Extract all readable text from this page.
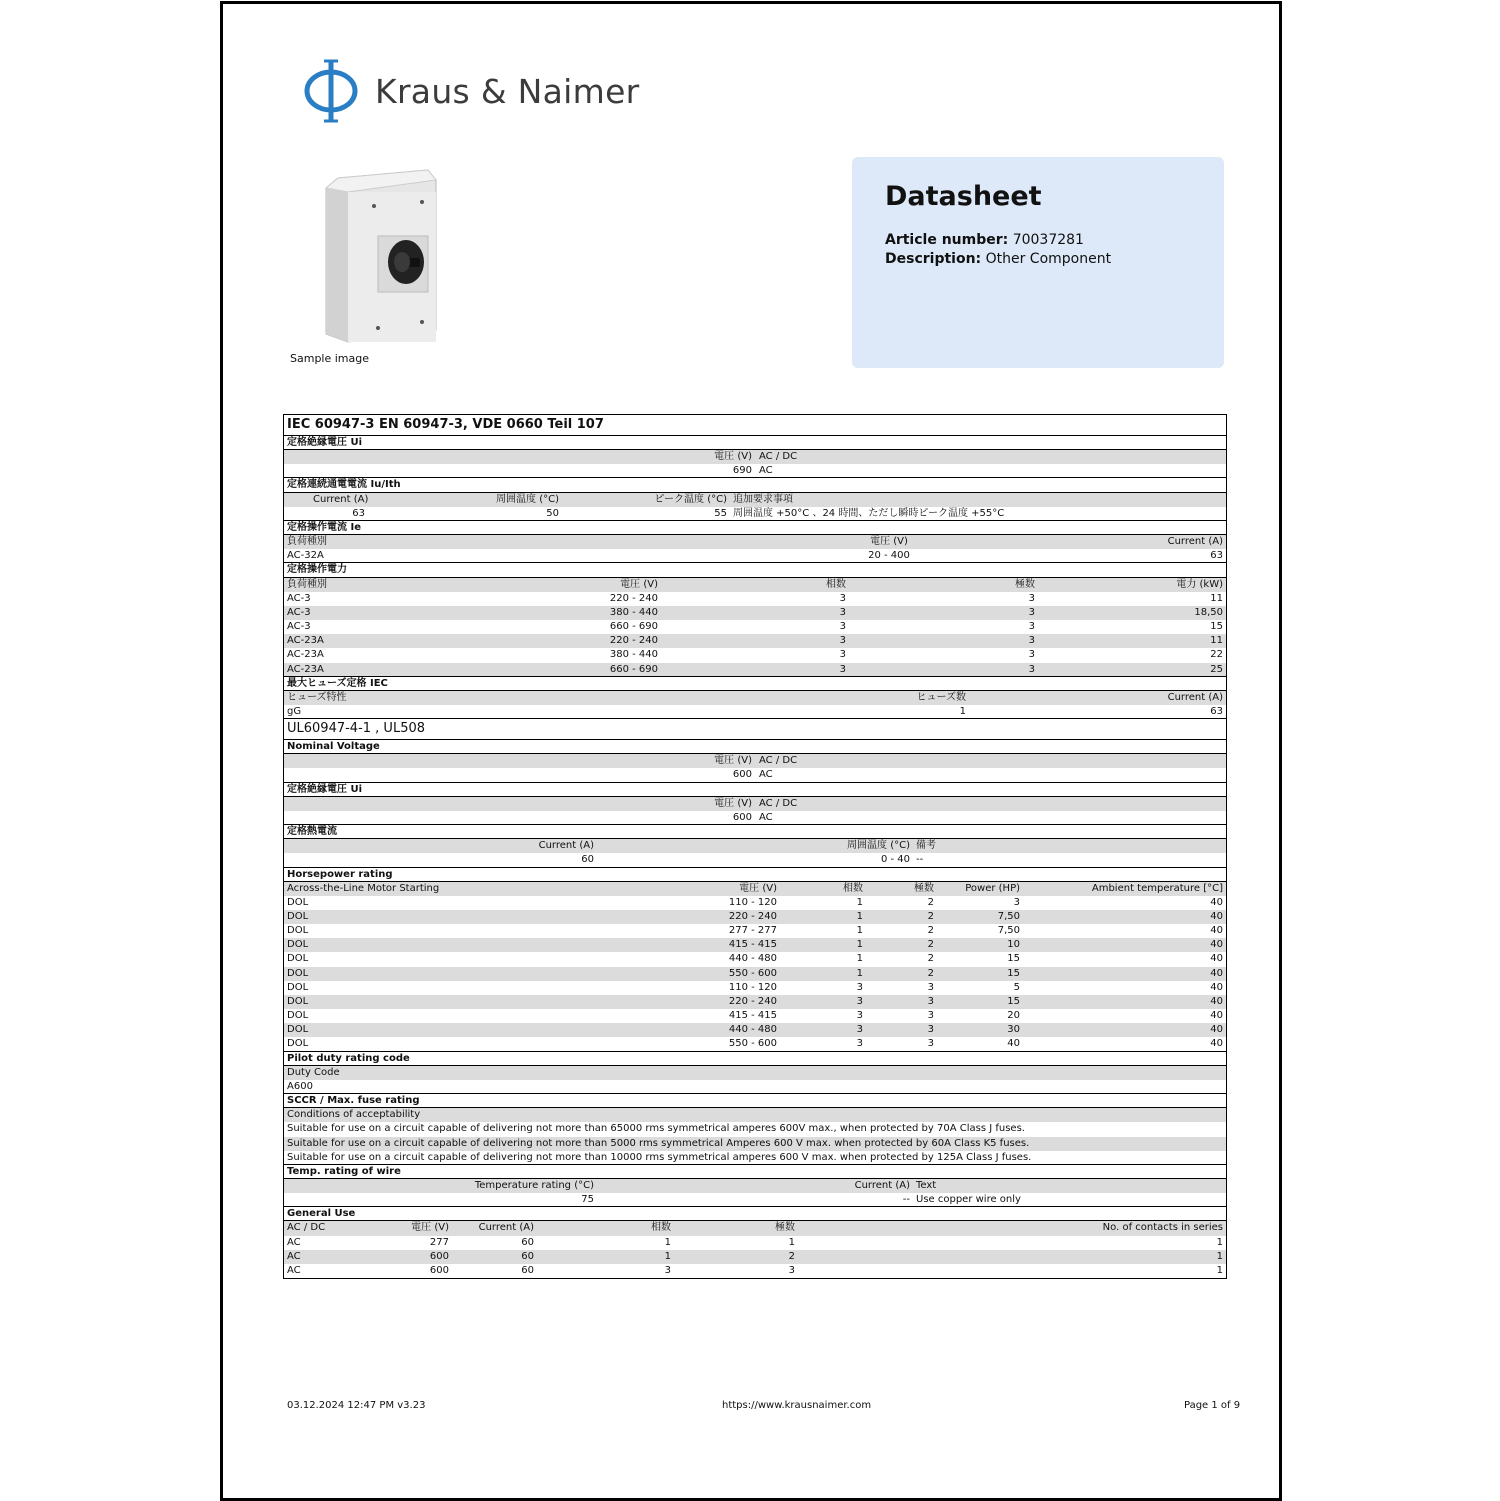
Kraus & Naimer
Sample image
Datasheet
Article number: 70037281
Description: Other Component
IEC 60947-3 EN 60947-3, VDE 0660 Teil 107
定格絶縁電圧 Ui
電圧 (V) AC / DC
690 AC
定格連続通電電流 Iu/Ith
Current (A)	周囲温度 (°C)	ピーク温度 (°C) 追加要求事項
63	50	55 周囲温度 +50°C 、24 時間、ただし瞬時ピーク温度 +55°C
定格操作電流 Ie
負荷種別	電圧 (V)	Current (A)
AC-32A	20 - 400	63
定格操作電力
負荷種別	電圧 (V)	相数	極数	電力 (kW)
AC-3	220 - 240	3	3	11
AC-3	380 - 440	3	3	18,50
AC-3	660 - 690	3	3	15
AC-23A	220 - 240	3	3	11
AC-23A	380 - 440	3	3	22
AC-23A	660 - 690	3	3	25
最大ヒューズ定格 IEC
ヒューズ特性	ヒューズ数	Current (A)
gG	1	63
UL60947-4-1 , UL508
Nominal Voltage
電圧 (V) AC / DC
600 AC
定格絶縁電圧 Ui
電圧 (V) AC / DC
600 AC
定格熱電流
Current (A)	周囲温度 (°C) 備考
60	0 - 40 --
Horsepower rating
Across-the-Line Motor Starting	電圧 (V)	相数	極数	Power (HP)	Ambient temperature [°C]
DOL	110 - 120	1	2	3	40
DOL	220 - 240	1	2	7,50	40
DOL	277 - 277	1	2	7,50	40
DOL	415 - 415	1	2	10	40
DOL	440 - 480	1	2	15	40
DOL	550 - 600	1	2	15	40
DOL	110 - 120	3	3	5	40
DOL	220 - 240	3	3	15	40
DOL	415 - 415	3	3	20	40
DOL	440 - 480	3	3	30	40
DOL	550 - 600	3	3	40	40
Pilot duty rating code
Duty Code
A600
SCCR / Max. fuse rating
Conditions of acceptability
Suitable for use on a circuit capable of delivering not more than 65000 rms symmetrical amperes 600V max., when protected by 70A Class J fuses.
Suitable for use on a circuit capable of delivering not more than 5000 rms symmetrical Amperes 600 V max. when protected by 60A Class K5 fuses.
Suitable for use on a circuit capable of delivering not more than 10000 rms symmetrical amperes 600 V max. when protected by 125A Class J fuses.
Temp. rating of wire
Temperature rating (°C)	Current (A) Text
75	-- Use copper wire only
General Use
AC / DC	電圧 (V)	Current (A)	相数	極数	No. of contacts in series
AC	277	60	1	1	1
AC	600	60	1	2	1
AC	600	60	3	3	1
03.12.2024 12:47 PM v3.23	https://www.krausnaimer.com	Page 1 of 9
